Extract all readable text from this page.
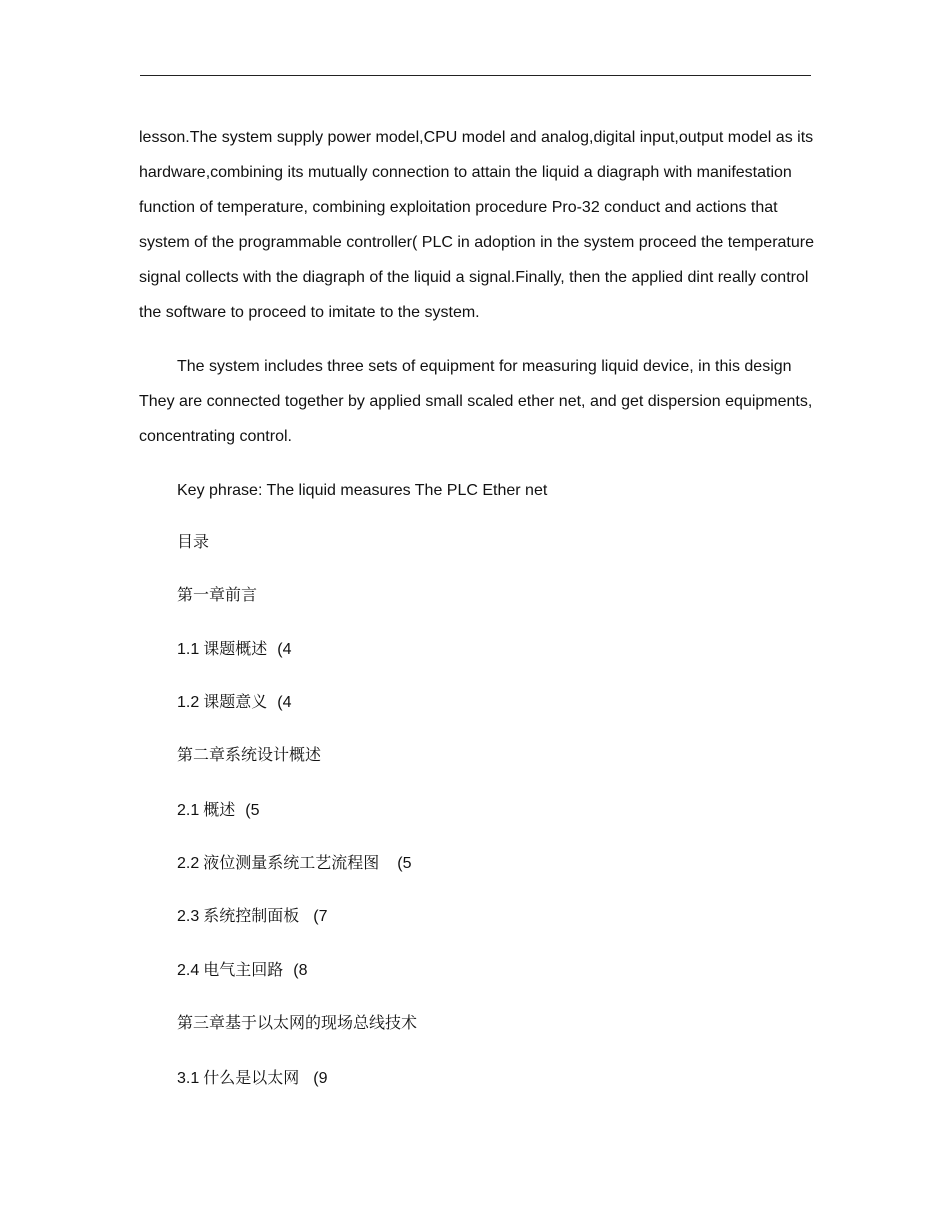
lesson.The system supply power model,CPU model and analog,digital input,output model as its hardware,combining its mutually connection to attain the liquid a diagraph with manifestation function of temperature, combining exploitation procedure Pro-32 conduct and actions that system of the programmable controller( PLC in adoption in the system proceed the temperature signal collects with the diagraph of the liquid a signal.Finally, then the applied dint really control the software to proceed to imitate to the system.

The system includes three sets of equipment for measuring liquid device, in this design They are connected together by applied small scaled ether net, and get dispersion equipments, concentrating control.

Key phrase: The liquid measures The PLC Ether net

目录

第一章前言

1.1 课题概述 (4

1.2 课题意义 (4

第二章系统设计概述

2.1 概述 (5

2.2 液位测量系统工艺流程图 (5

2.3 系统控制面板 (7

2.4 电气主回路 (8

第三章基于以太网的现场总线技术

3.1 什么是以太网 (9
